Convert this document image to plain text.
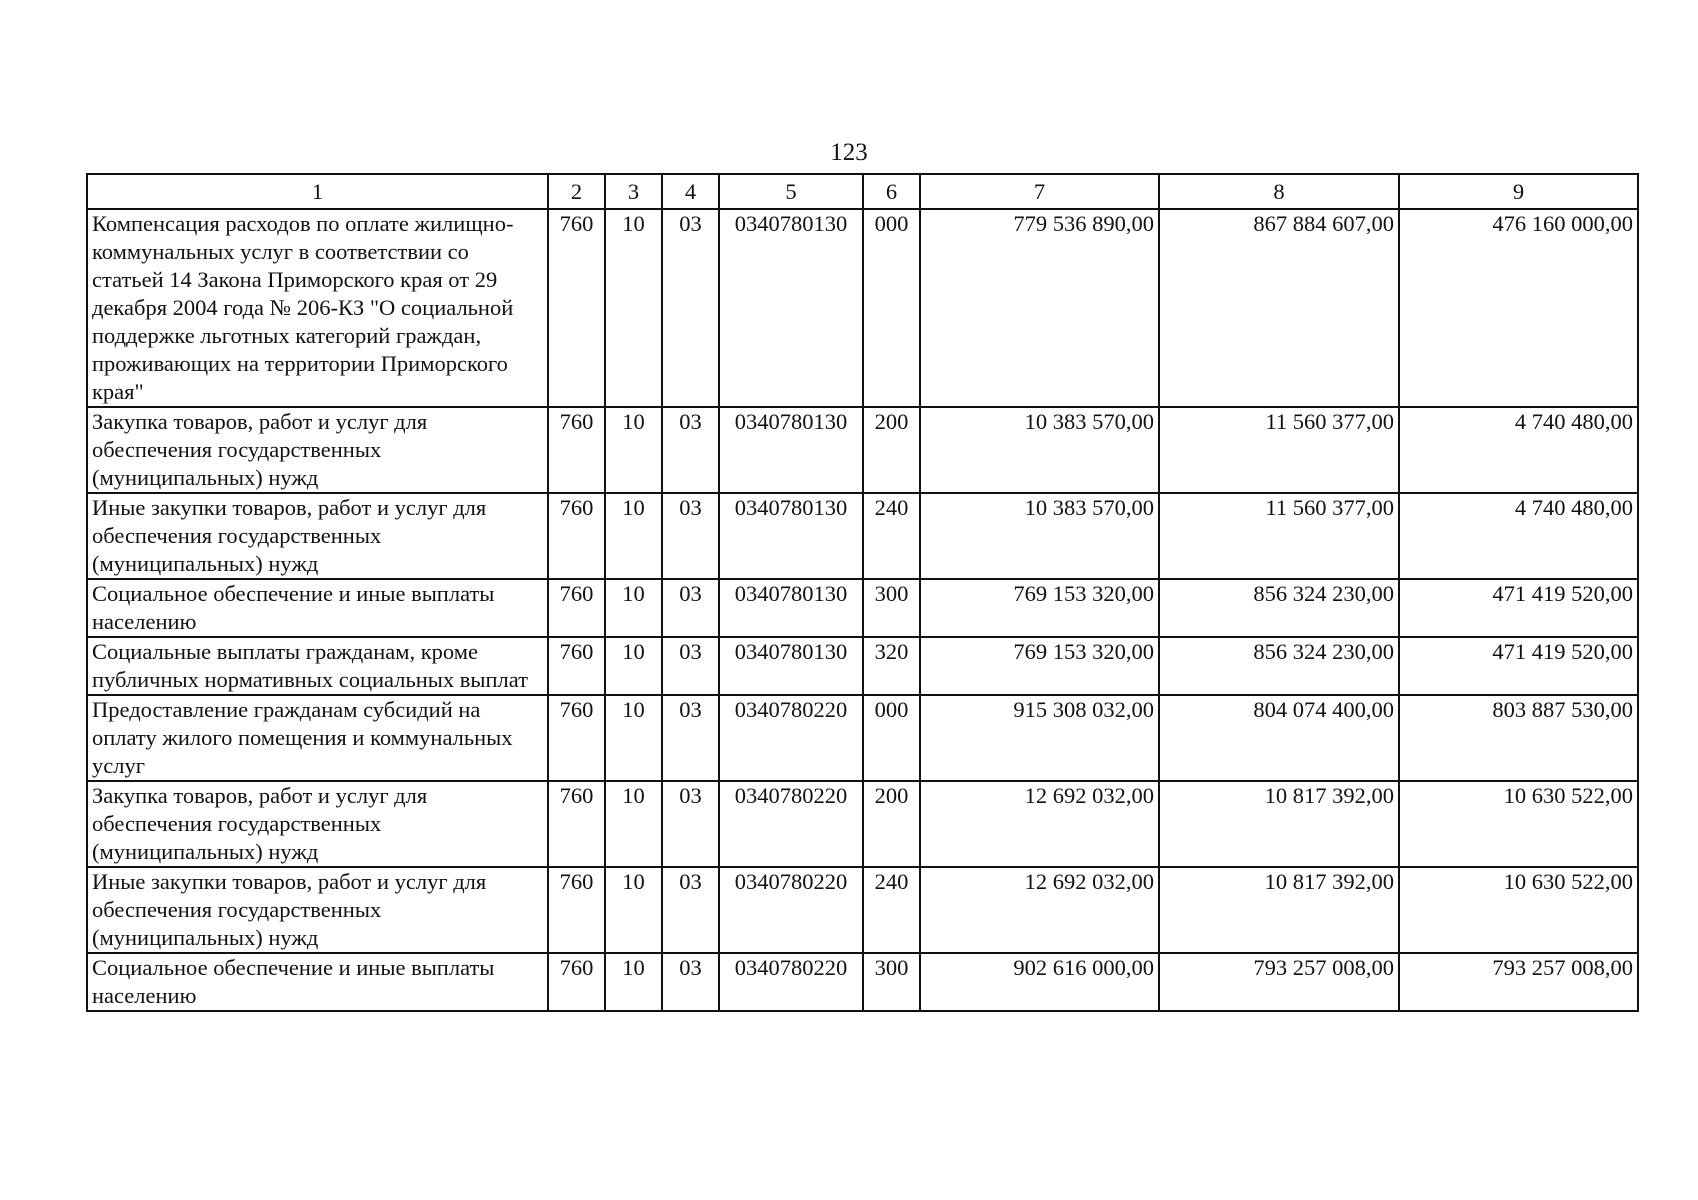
123
1	2	3	4	5	6	7	8	9
Компенсация расходов по оплате жилищно-коммунальных услуг в соответствии со статьей 14 Закона Приморского края от 29 декабря 2004 года № 206-КЗ "О социальной поддержке льготных категорий граждан, проживающих на территории Приморского края"	760	10	03	0340780130	000	779 536 890,00	867 884 607,00	476 160 000,00
Закупка товаров, работ и услуг для обеспечения государственных (муниципальных) нужд	760	10	03	0340780130	200	10 383 570,00	11 560 377,00	4 740 480,00
Иные закупки товаров, работ и услуг для обеспечения государственных (муниципальных) нужд	760	10	03	0340780130	240	10 383 570,00	11 560 377,00	4 740 480,00
Социальное обеспечение и иные выплаты населению	760	10	03	0340780130	300	769 153 320,00	856 324 230,00	471 419 520,00
Социальные выплаты гражданам, кроме публичных нормативных социальных выплат	760	10	03	0340780130	320	769 153 320,00	856 324 230,00	471 419 520,00
Предоставление гражданам субсидий на оплату жилого помещения и коммунальных услуг	760	10	03	0340780220	000	915 308 032,00	804 074 400,00	803 887 530,00
Закупка товаров, работ и услуг для обеспечения государственных (муниципальных) нужд	760	10	03	0340780220	200	12 692 032,00	10 817 392,00	10 630 522,00
Иные закупки товаров, работ и услуг для обеспечения государственных (муниципальных) нужд	760	10	03	0340780220	240	12 692 032,00	10 817 392,00	10 630 522,00
Социальное обеспечение и иные выплаты населению	760	10	03	0340780220	300	902 616 000,00	793 257 008,00	793 257 008,00
